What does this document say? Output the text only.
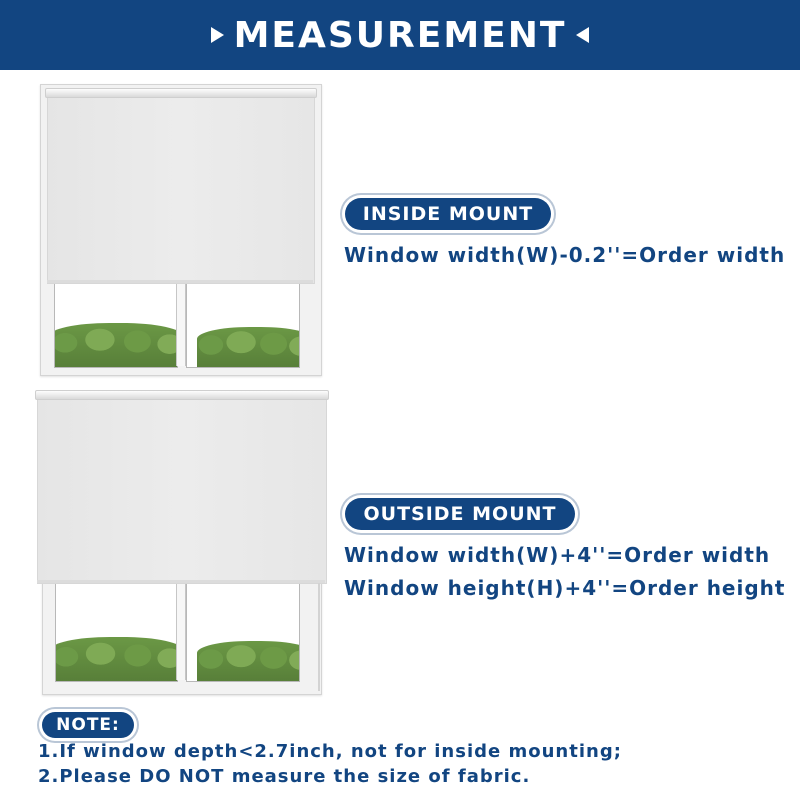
MEASUREMENT
INSIDE MOUNT
Window width(W)-0.2''=Order width
OUTSIDE MOUNT
Window width(W)+4''=Order width
Window height(H)+4''=Order height
NOTE:
1.If window depth<2.7inch, not for inside mounting;
2.Please DO NOT measure the size of fabric.
